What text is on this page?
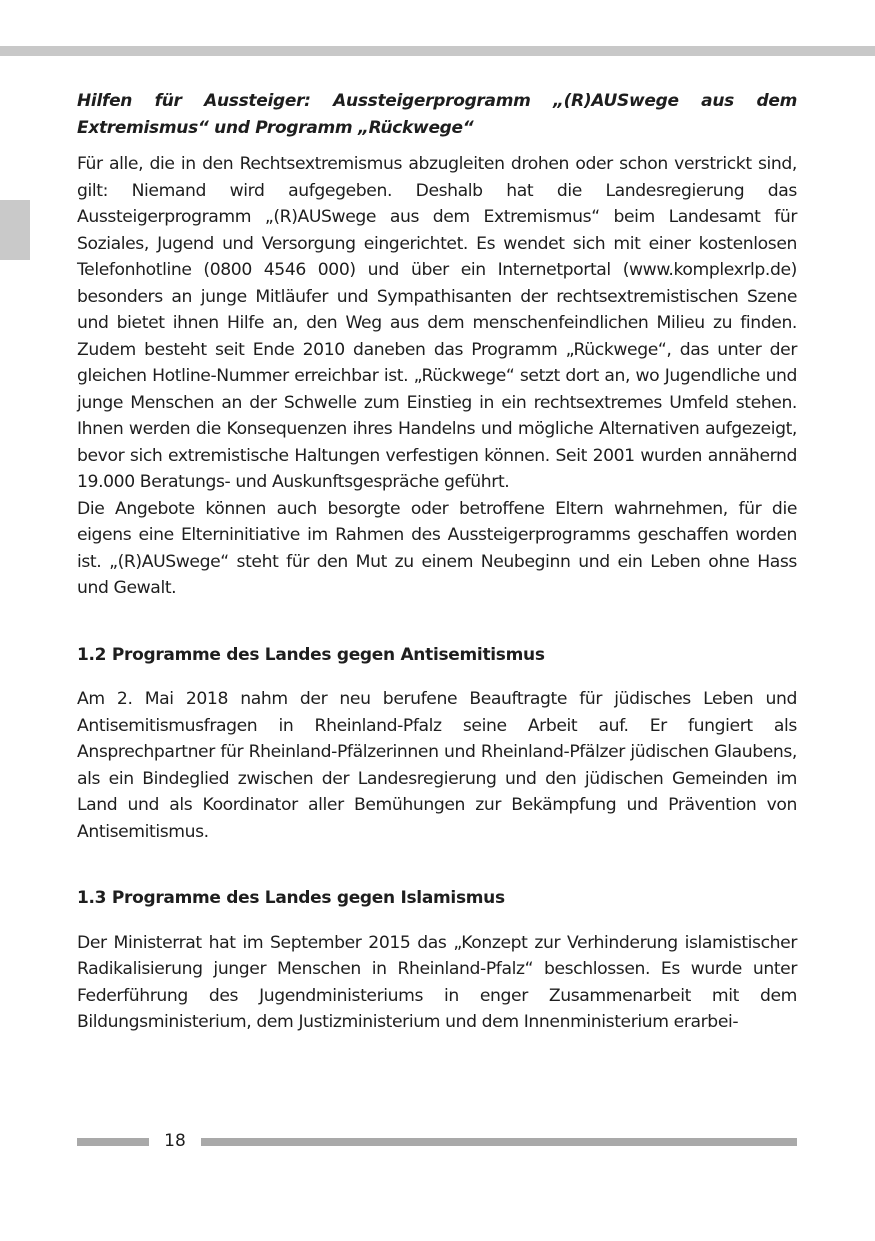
Hilfen für Aussteiger: Aussteigerprogramm „(R)AUSwege aus dem Extremismus“ und Programm „Rückwege“

Für alle, die in den Rechtsextremismus abzugleiten drohen oder schon verstrickt sind, gilt: Niemand wird aufgegeben. Deshalb hat die Landesregierung das Aussteigerprogramm „(R)AUSwege aus dem Extremismus“ beim Landesamt für Soziales, Jugend und Versorgung eingerichtet. Es wendet sich mit einer kostenlosen Telefonhotline (0800 4546 000) und über ein Internetportal (www.komplexrlp.de) besonders an junge Mitläufer und Sympathisanten der rechtsextremistischen Szene und bietet ihnen Hilfe an, den Weg aus dem menschenfeindlichen Milieu zu finden. Zudem besteht seit Ende 2010 daneben das Programm „Rückwege“, das unter der gleichen Hotline-Nummer erreichbar ist. „Rückwege“ setzt dort an, wo Jugendliche und junge Menschen an der Schwelle zum Einstieg in ein rechtsextremes Umfeld stehen. Ihnen werden die Konsequenzen ihres Handelns und mögliche Alternativen aufgezeigt, bevor sich extremistische Haltungen verfestigen können. Seit 2001 wurden annähernd 19.000 Beratungs- und Auskunftsgespräche geführt.

Die Angebote können auch besorgte oder betroffene Eltern wahrnehmen, für die eigens eine Elterninitiative im Rahmen des Aussteigerprogramms geschaffen worden ist. „(R)AUSwege“ steht für den Mut zu einem Neubeginn und ein Leben ohne Hass und Gewalt.

1.2 Programme des Landes gegen Antisemitismus

Am 2. Mai 2018 nahm der neu berufene Beauftragte für jüdisches Leben und Antisemitismusfragen in Rheinland-Pfalz seine Arbeit auf. Er fungiert als Ansprechpartner für Rheinland-Pfälzerinnen und Rheinland-Pfälzer jüdischen Glaubens, als ein Bindeglied zwischen der Landesregierung und den jüdischen Gemeinden im Land und als Koordinator aller Bemühungen zur Bekämpfung und Prävention von Antisemitismus.

1.3 Programme des Landes gegen Islamismus

Der Ministerrat hat im September 2015 das „Konzept zur Verhinderung islamistischer Radikalisierung junger Menschen in Rheinland-Pfalz“ beschlossen. Es wurde unter Federführung des Jugendministeriums in enger Zusammenarbeit mit dem Bildungsministerium, dem Justizministerium und dem Innenministerium erarbei-

18
